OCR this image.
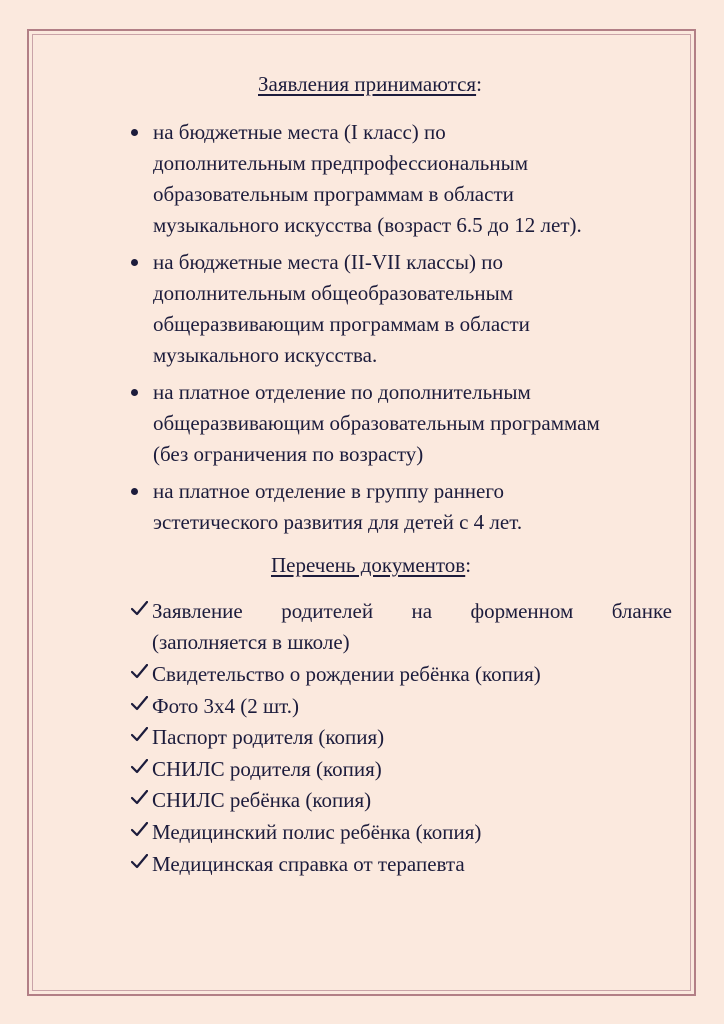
Заявления принимаются:
на бюджетные места (I класс) по
дополнительным предпрофессиональным
образовательным программам в области
музыкального искусства (возраст 6.5 до 12 лет).
на бюджетные места (II-VII классы) по
дополнительным общеобразовательным
общеразвивающим программам в области
музыкального искусства.
на платное отделение по дополнительным
общеразвивающим образовательным программам
(без ограничения по возрасту)
на платное отделение в группу раннего
эстетического развития для детей с 4 лет.
Перечень документов:
Заявление родителей на форменном бланке
(заполняется в школе)
Свидетельство о рождении ребёнка (копия)
Фото 3х4 (2 шт.)
Паспорт родителя (копия)
СНИЛС родителя (копия)
СНИЛС ребёнка (копия)
Медицинский полис ребёнка (копия)
Медицинская справка от терапевта
